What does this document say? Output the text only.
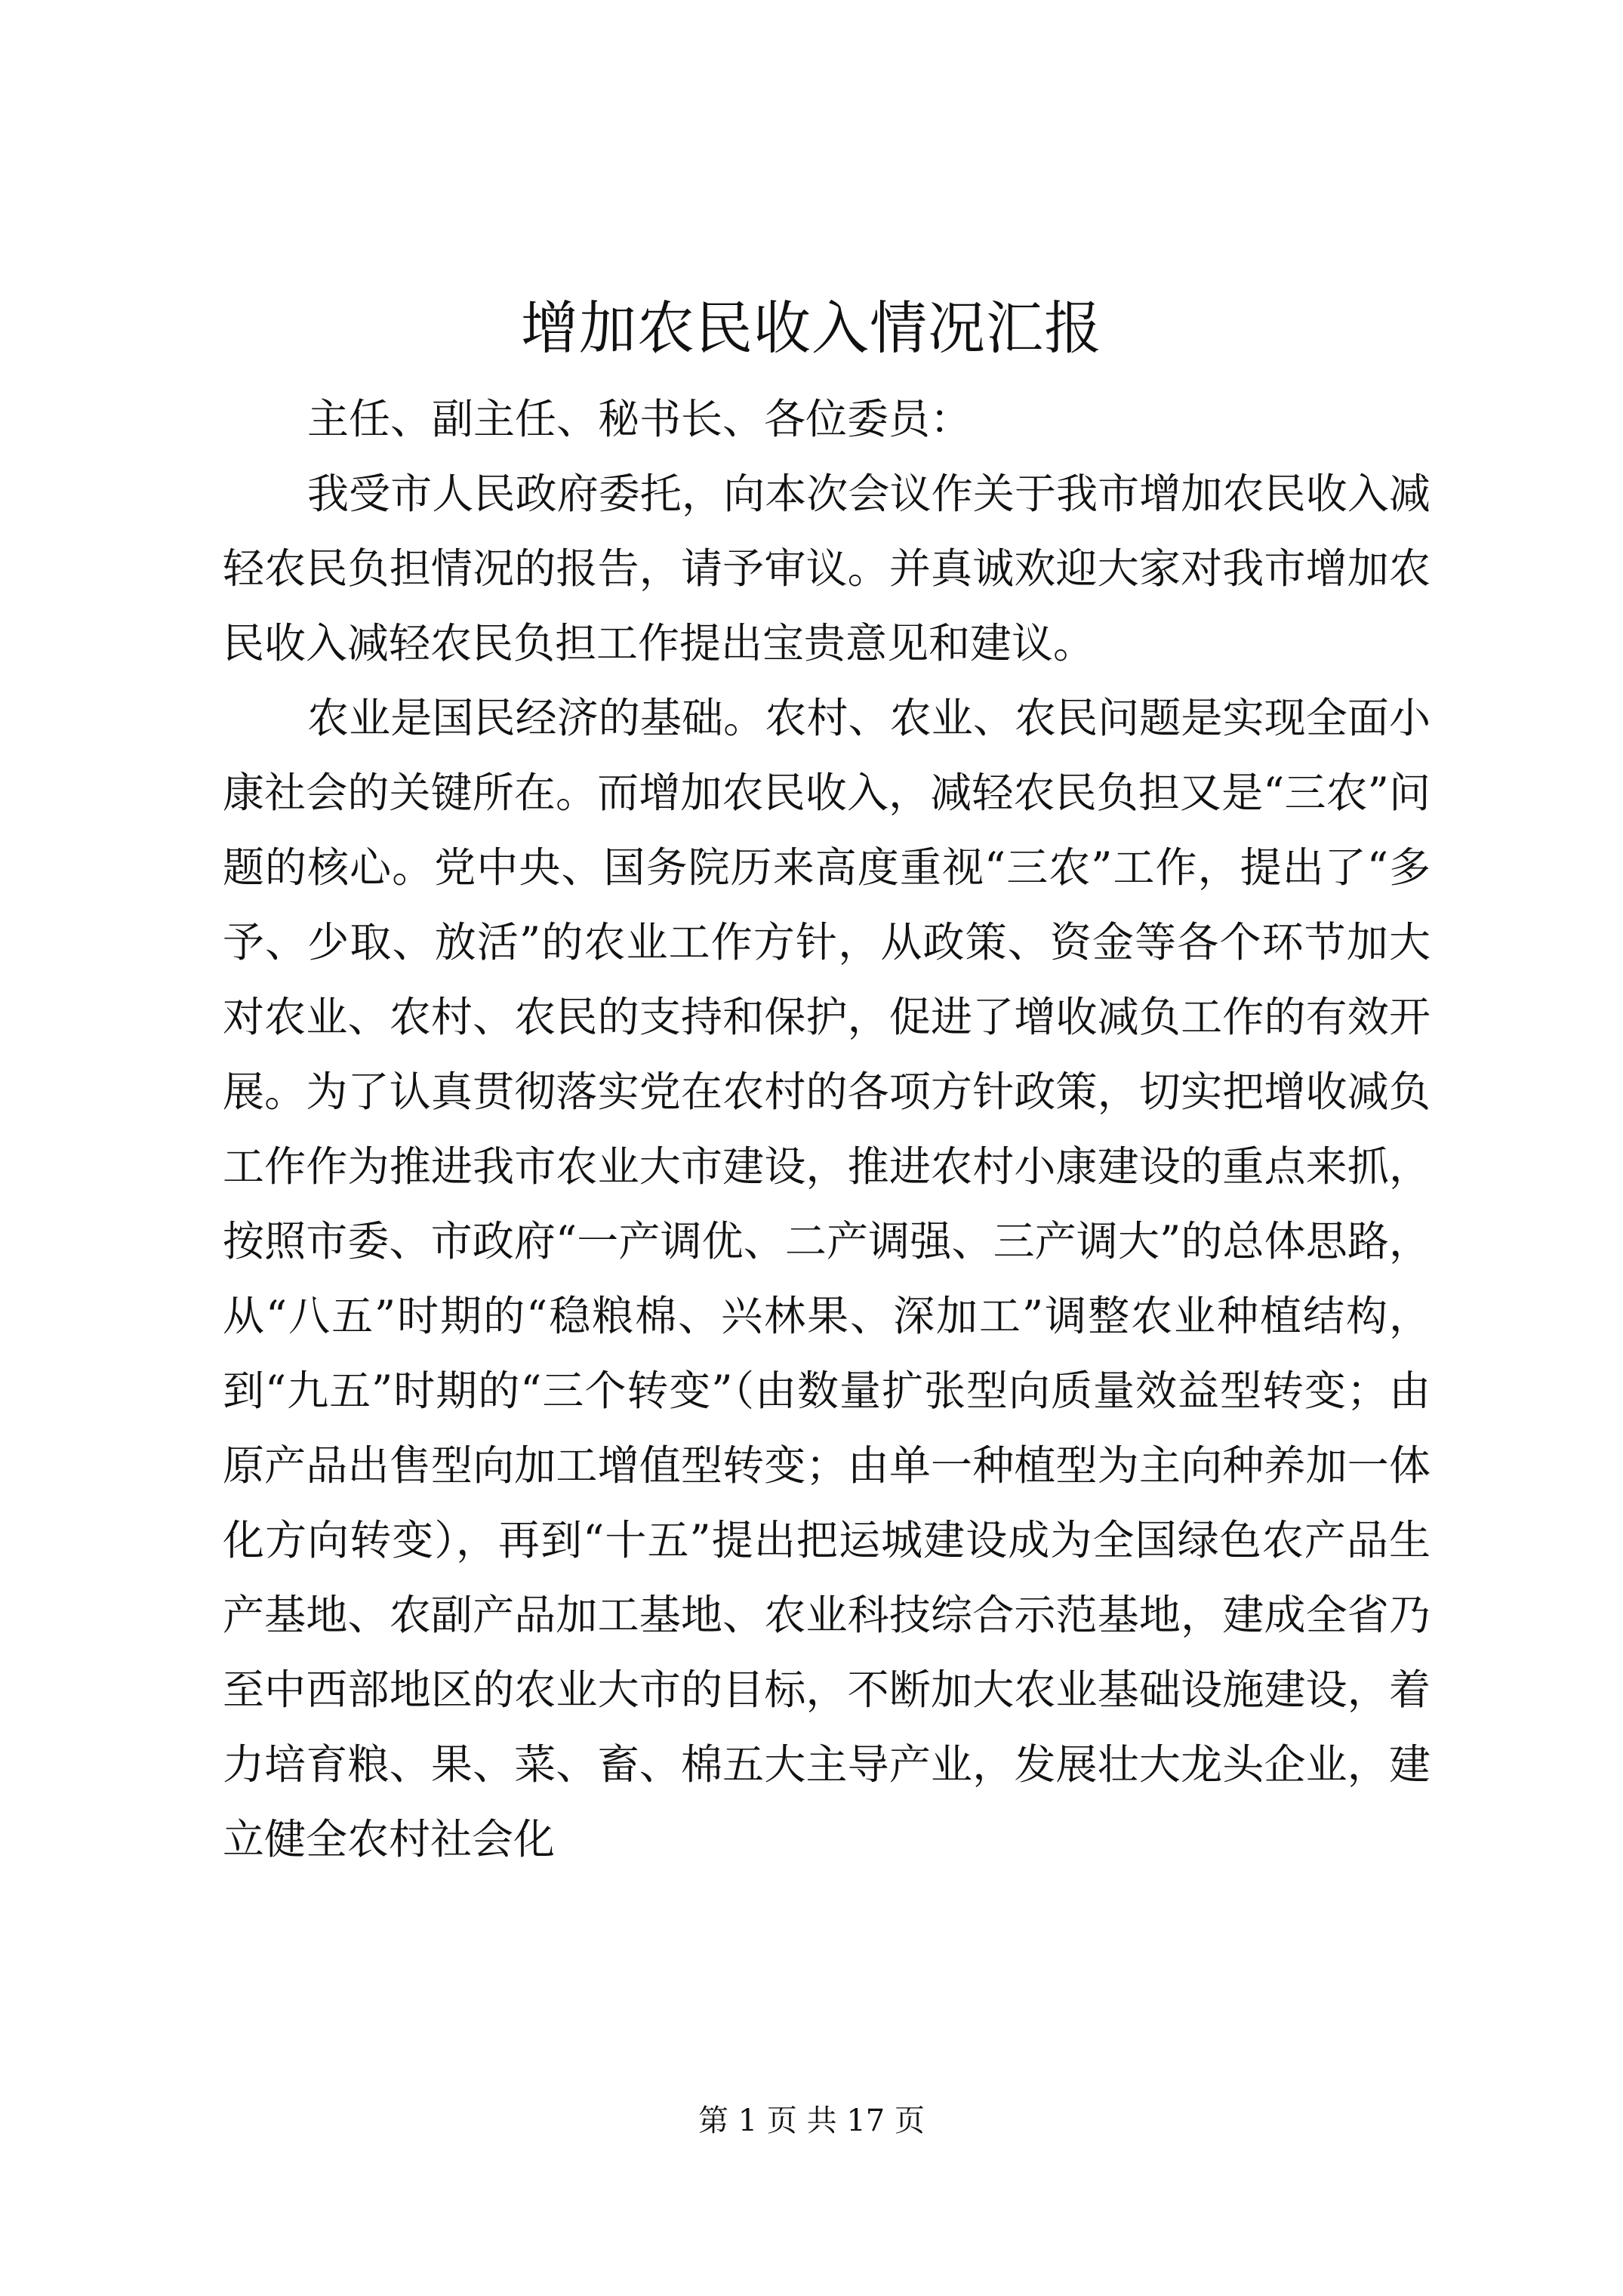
增加农民收入情况汇报

主任、副主任、秘书长、各位委员：

我受市人民政府委托，向本次会议作关于我市增加农民收入减轻农民负担情况的报告，请予审议。并真诚欢迎大家对我市增加农民收入减轻农民负担工作提出宝贵意见和建议。

农业是国民经济的基础。农村、农业、农民问题是实现全面小康社会的关键所在。而增加农民收入，减轻农民负担又是“三农”问题的核心。党中央、国务院历来高度重视“三农”工作，提出了“多予、少取、放活”的农业工作方针，从政策、资金等各个环节加大对农业、农村、农民的支持和保护，促进了增收减负工作的有效开展。为了认真贯彻落实党在农村的各项方针政策，切实把增收减负工作作为推进我市农业大市建设，推进农村小康建设的重点来抓，按照市委、市政府“一产调优、二产调强、三产调大”的总体思路，从“八五”时期的“稳粮棉、兴林果、深加工”调整农业种植结构，到“九五”时期的“三个转变”（由数量扩张型向质量效益型转变；由原产品出售型向加工增值型转变；由单一种植型为主向种养加一体化方向转变），再到“十五”提出把运城建设成为全国绿色农产品生产基地、农副产品加工基地、农业科技综合示范基地，建成全省乃至中西部地区的农业大市的目标，不断加大农业基础设施建设，着力培育粮、果、菜、畜、棉五大主导产业，发展壮大龙头企业，建立健全农村社会化

第 1 页 共 17 页
